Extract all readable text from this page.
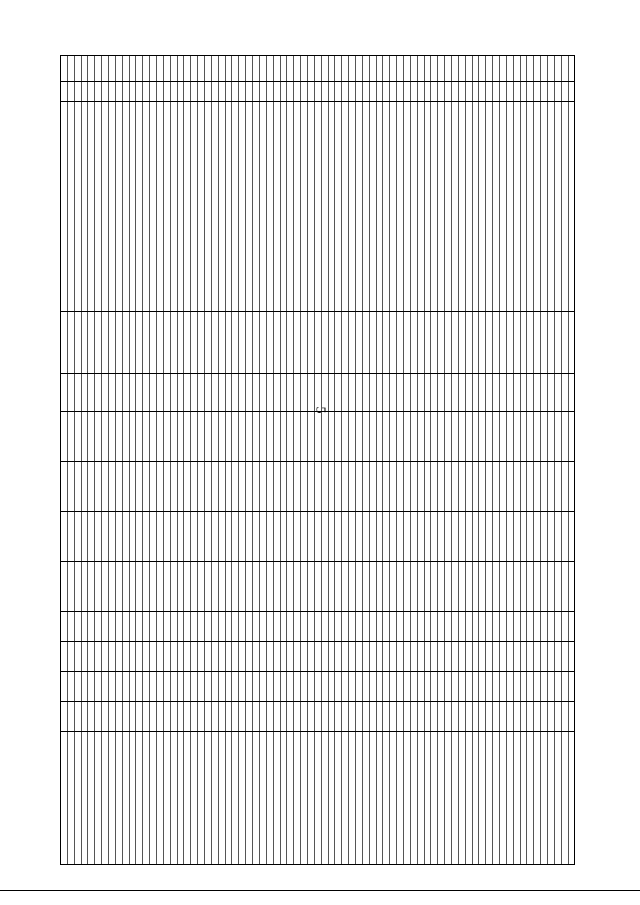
5
